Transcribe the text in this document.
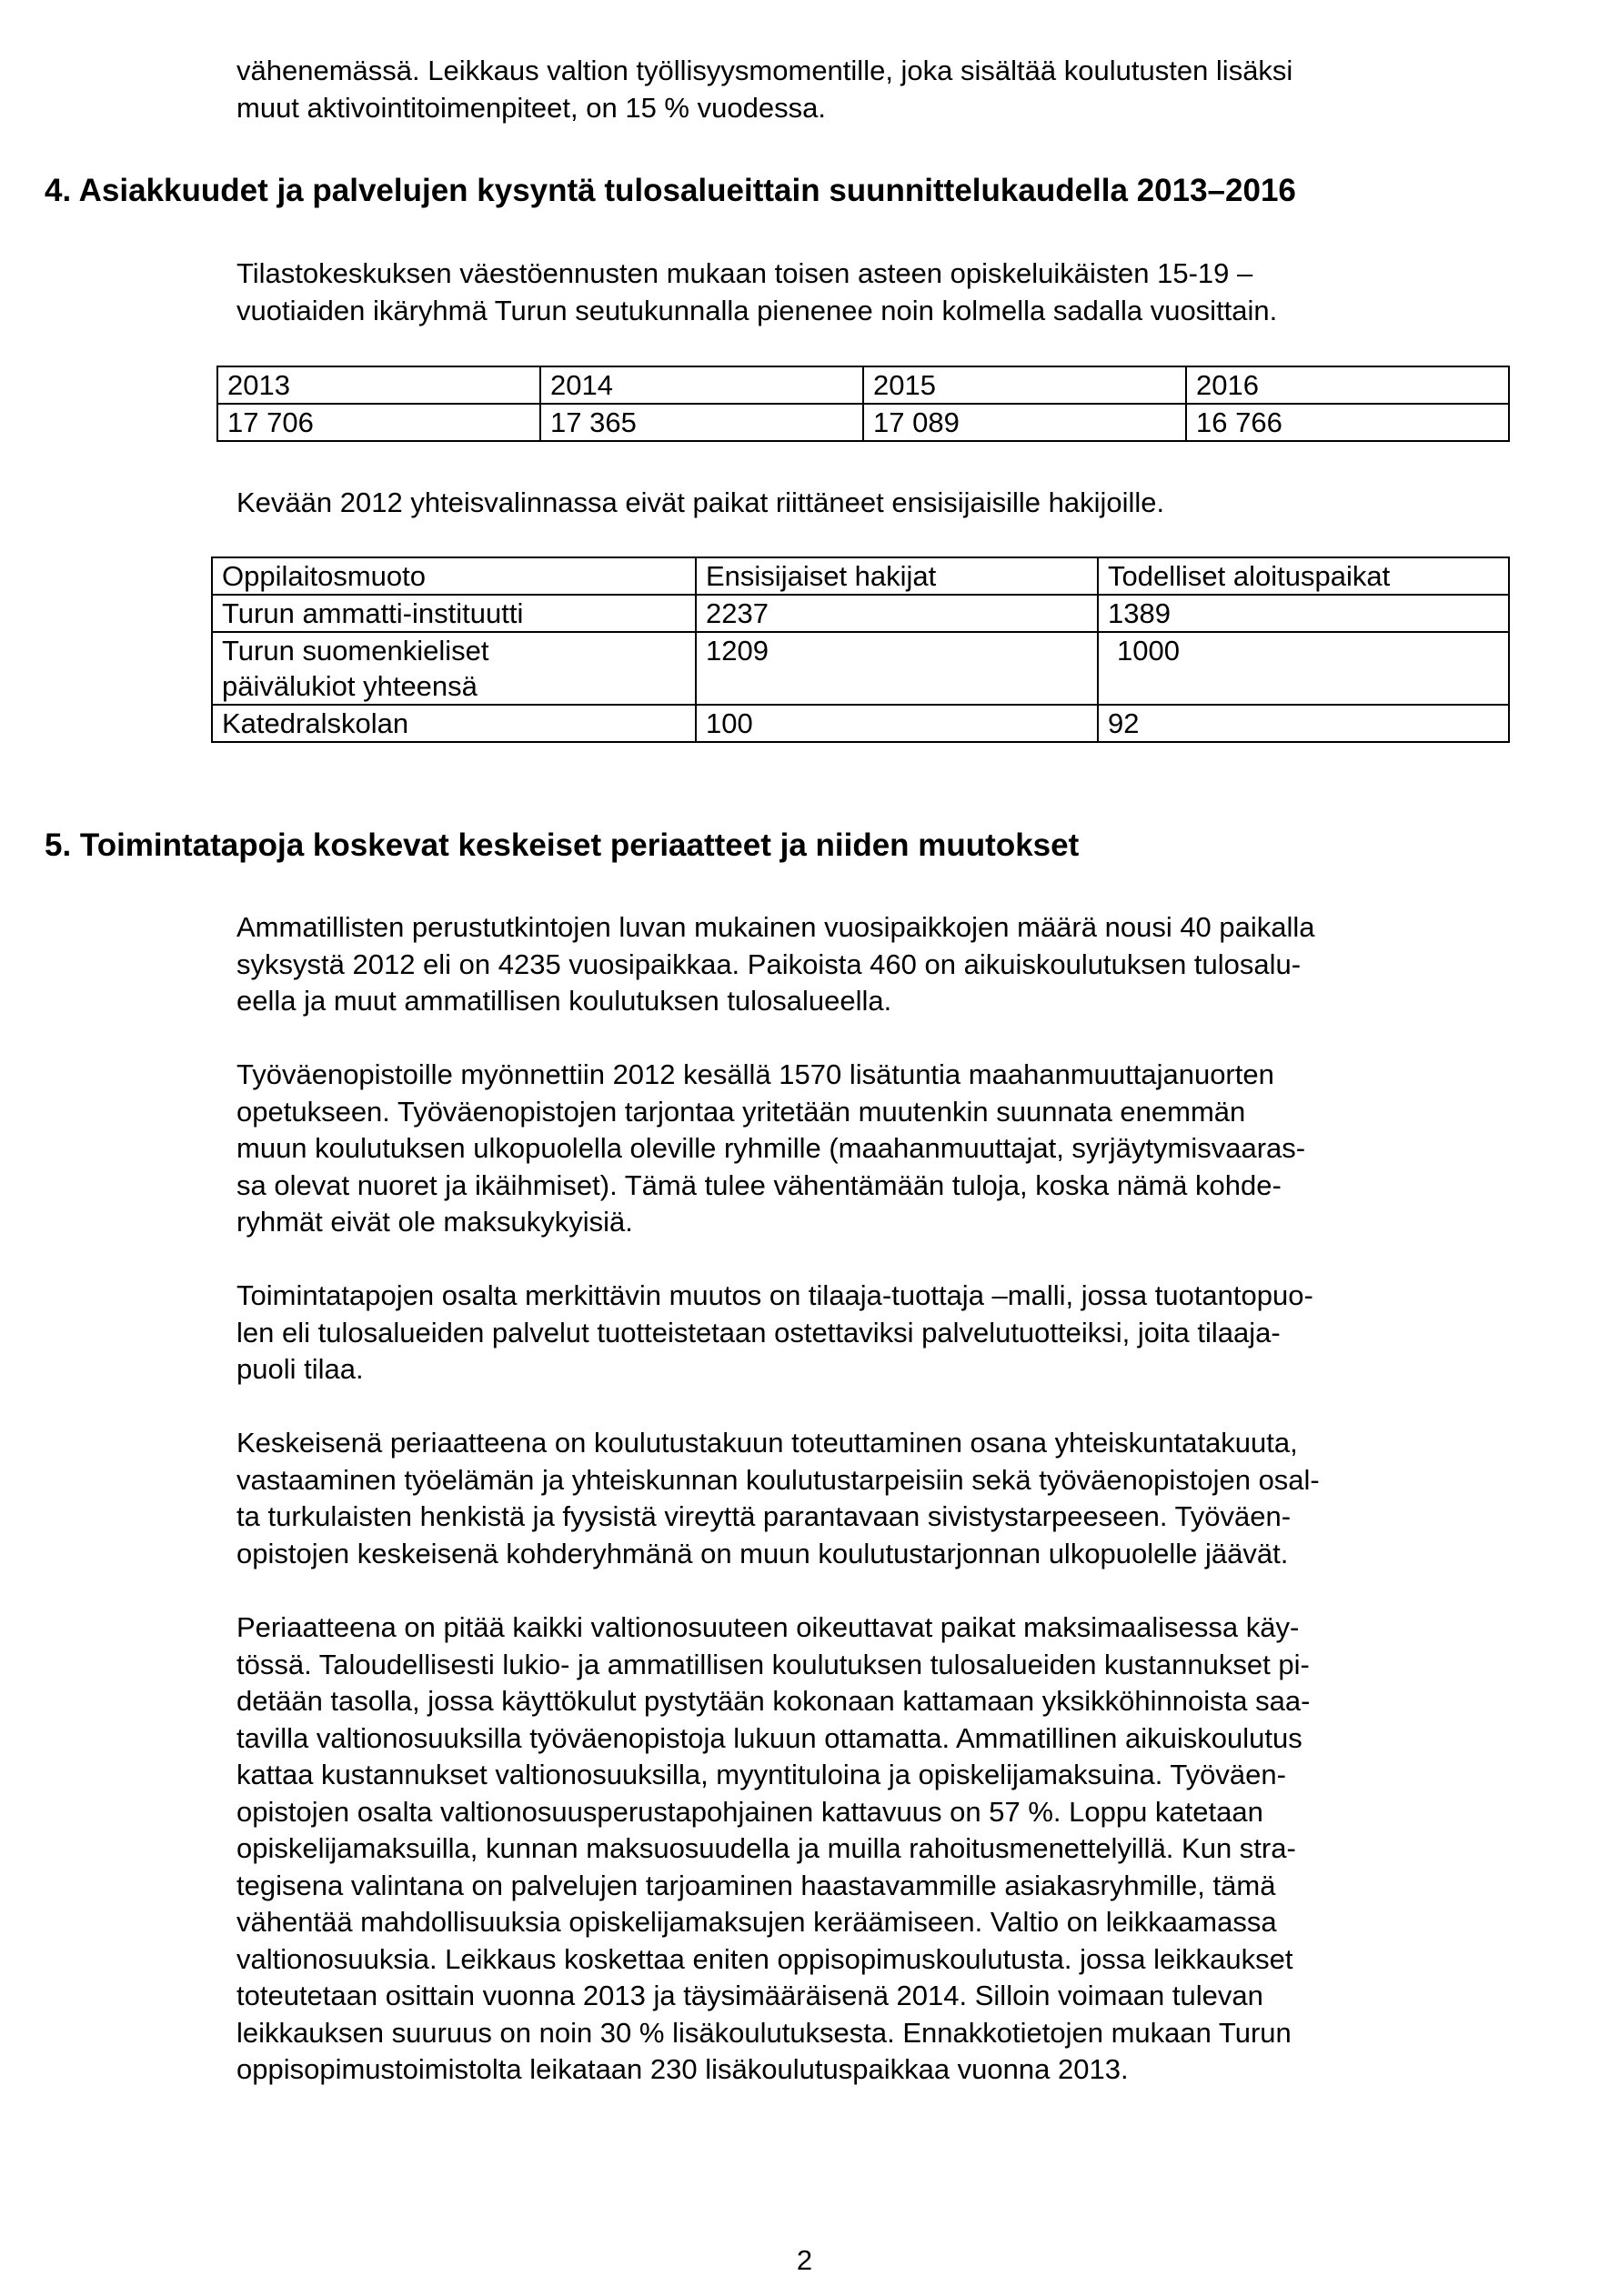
vähenemässä. Leikkaus valtion työllisyysmomentille, joka sisältää koulutusten lisäksi
muut aktivointitoimenpiteet, on 15 % vuodessa.
4. Asiakkuudet ja palvelujen kysyntä tulosalueittain suunnittelukaudella 2013–2016
Tilastokeskuksen väestöennusten mukaan toisen asteen opiskeluikäisten 15-19 –
vuotiaiden ikäryhmä Turun seutukunnalla pienenee noin kolmella sadalla vuosittain.
2013	2014	2015	2016
17 706	17 365	17 089	16 766
Kevään 2012 yhteisvalinnassa eivät paikat riittäneet ensisijaisille hakijoille.
Oppilaitosmuoto	Ensisijaiset hakijat	Todelliset aloituspaikat
Turun ammatti-instituutti	2237	1389

Turun suomenkieliset
päivälukiot yhteensä	1209	1000
Katedralskolan	100	92
5. Toimintatapoja koskevat keskeiset periaatteet ja niiden muutokset
Ammatillisten perustutkintojen luvan mukainen vuosipaikkojen määrä nousi 40 paikalla
syksystä 2012 eli on 4235 vuosipaikkaa. Paikoista 460 on aikuiskoulutuksen tulosalu-
eella ja muut ammatillisen koulutuksen tulosalueella.
Työväenopistoille myönnettiin 2012 kesällä 1570 lisätuntia maahanmuuttajanuorten
opetukseen. Työväenopistojen tarjontaa yritetään muutenkin suunnata enemmän
muun koulutuksen ulkopuolella oleville ryhmille (maahanmuuttajat, syrjäytymisvaaras-
sa olevat nuoret ja ikäihmiset). Tämä tulee vähentämään tuloja, koska nämä kohde-
ryhmät eivät ole maksukykyisiä.
Toimintatapojen osalta merkittävin muutos on tilaaja-tuottaja –malli, jossa tuotantopuo-
len eli tulosalueiden palvelut tuotteistetaan ostettaviksi palvelutuotteiksi, joita tilaaja-
puoli tilaa.
Keskeisenä periaatteena on koulutustakuun toteuttaminen osana yhteiskuntatakuuta,
vastaaminen työelämän ja yhteiskunnan koulutustarpeisiin sekä työväenopistojen osal-
ta turkulaisten henkistä ja fyysistä vireyttä parantavaan sivistystarpeeseen. Työväen-
opistojen keskeisenä kohderyhmänä on muun koulutustarjonnan ulkopuolelle jäävät.
Periaatteena on pitää kaikki valtionosuuteen oikeuttavat paikat maksimaalisessa käy-
tössä. Taloudellisesti lukio- ja ammatillisen koulutuksen tulosalueiden kustannukset pi-
detään tasolla, jossa käyttökulut pystytään kokonaan kattamaan yksikköhinnoista saa-
tavilla valtionosuuksilla työväenopistoja lukuun ottamatta. Ammatillinen aikuiskoulutus
kattaa kustannukset valtionosuuksilla, myyntituloina ja opiskelijamaksuina. Työväen-
opistojen osalta valtionosuusperustapohjainen kattavuus on 57 %. Loppu katetaan
opiskelijamaksuilla, kunnan maksuosuudella ja muilla rahoitusmenettelyillä. Kun stra-
tegisena valintana on palvelujen tarjoaminen haastavammille asiakasryhmille, tämä
vähentää mahdollisuuksia opiskelijamaksujen keräämiseen. Valtio on leikkaamassa
valtionosuuksia. Leikkaus koskettaa eniten oppisopimuskoulutusta. jossa leikkaukset
toteutetaan osittain vuonna 2013 ja täysimääräisenä 2014. Silloin voimaan tulevan
leikkauksen suuruus on noin 30 % lisäkoulutuksesta. Ennakkotietojen mukaan Turun
oppisopimustoimistolta leikataan 230 lisäkoulutuspaikkaa vuonna 2013.
2
